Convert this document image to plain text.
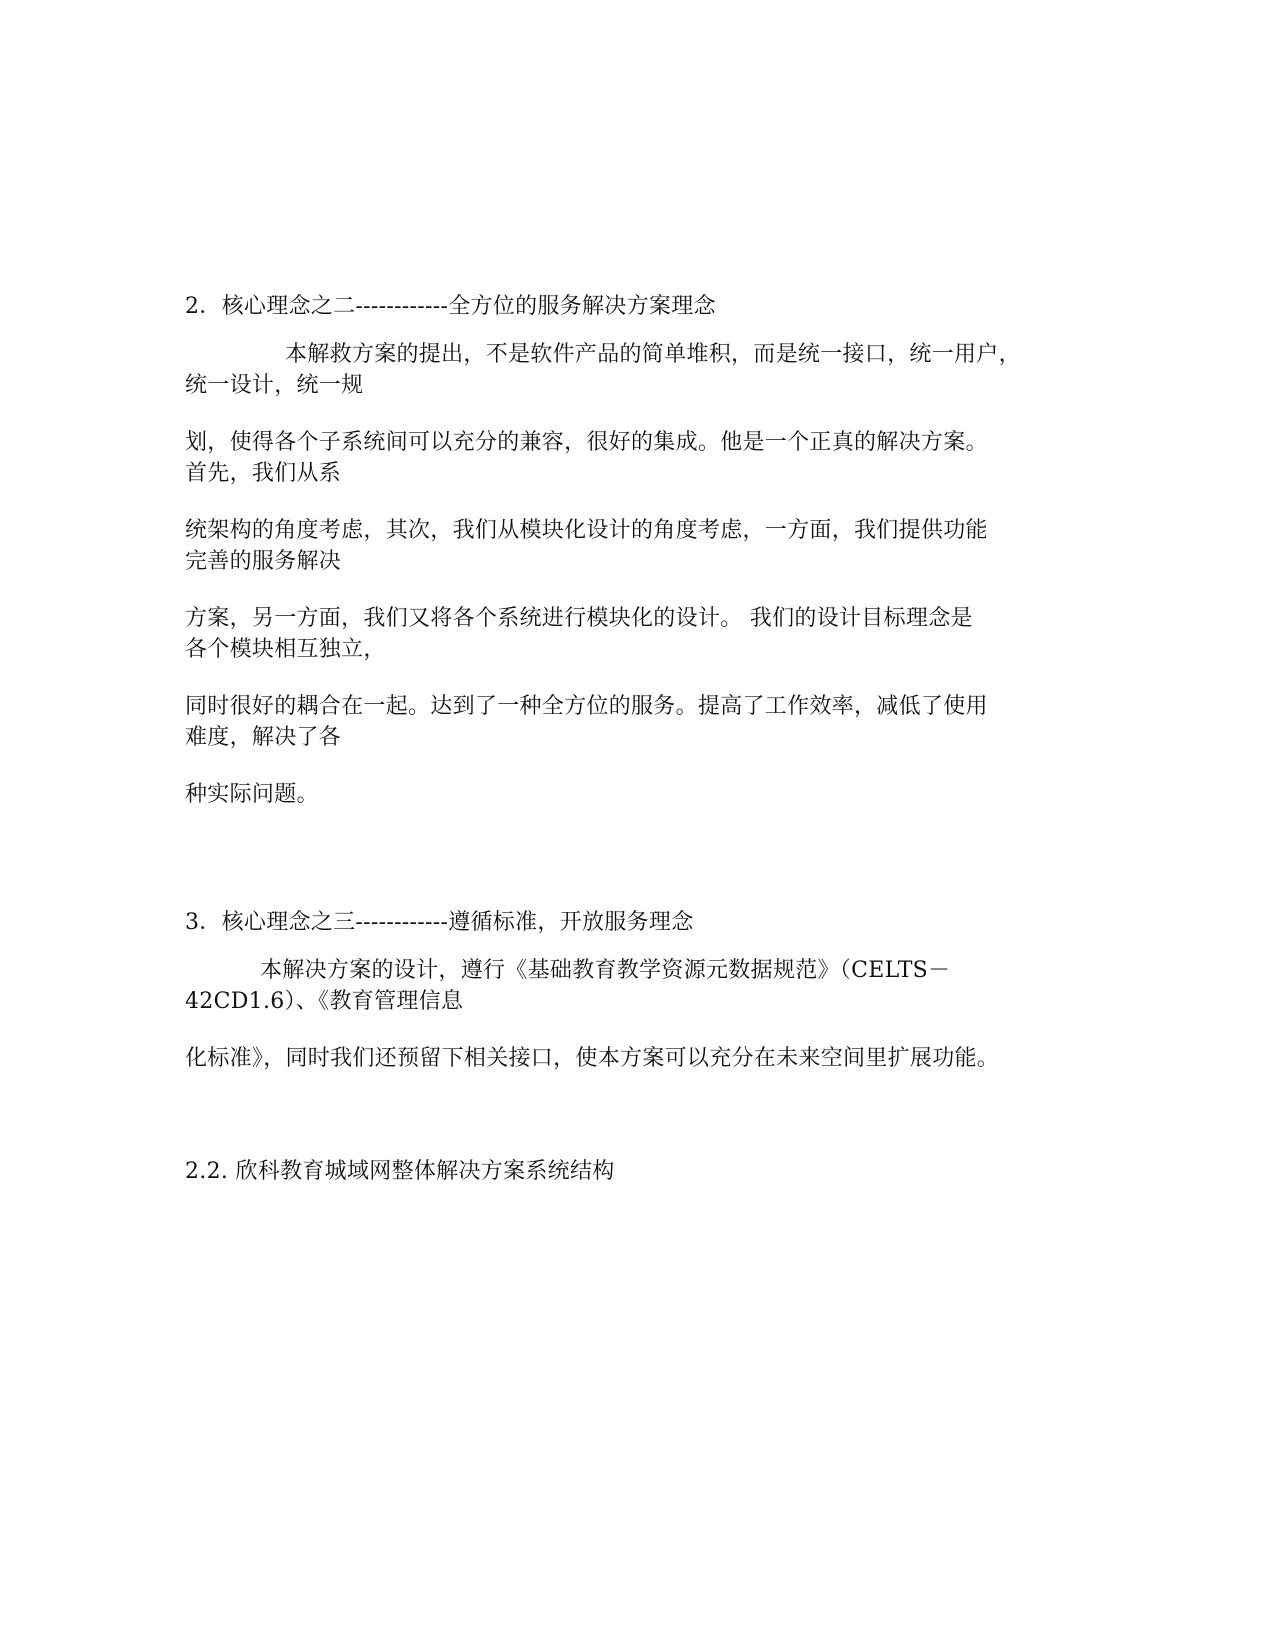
2．核心理念之二------------全方位的服务解决方案理念
本解救方案的提出，不是软件产品的简单堆积，而是统一接口，统一用户，
统一设计，统一规
划，使得各个子系统间可以充分的兼容，很好的集成。他是一个正真的解决方案。
首先，我们从系
统架构的角度考虑，其次，我们从模块化设计的角度考虑，一方面，我们提供功能
完善的服务解决
方案，另一方面，我们又将各个系统进行模块化的设计。 我们的设计目标理念是
各个模块相互独立，
同时很好的耦合在一起。达到了一种全方位的服务。提高了工作效率，减低了使用
难度，解决了各
种实际问题。
3．核心理念之三------------遵循标准，开放服务理念
本解决方案的设计，遵行《基础教育教学资源元数据规范》（CELTS－
42CD1.6）、《教育管理信息
化标准》，同时我们还预留下相关接口，使本方案可以充分在未来空间里扩展功能。
2.2. 欣科教育城域网整体解决方案系统结构
